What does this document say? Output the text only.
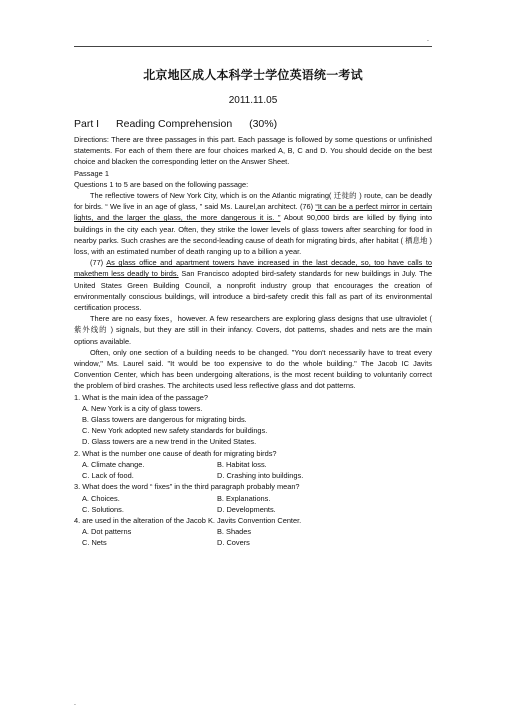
.
北京地区成人本科学士学位英语统一考试
2011.11.05
Part I Reading Comprehension (30%)

Directions: There are three passages in this part. Each passage is followed by some questions or unfinished statements. For each of them there are four choices marked A, B, C and D. You should decide on the best choice and blacken the corresponding letter on the Answer Sheet.

Passage 1

Questions 1 to 5 are based on the following passage:

The reflective towers of New York City, which is on the Atlantic migrating( 迁徙的 ) route, can be deadly for birds. “ We live in an age of glass, ” said Ms. Laurel,an architect. (76) “It can be a perfect mirror in certain lights, and the larger the glass, the more dangerous it is. ” About 90,000 birds are killed by flying into buildings in the city each year. Often, they strike the lower levels of glass towers after searching for food in nearby parks. Such crashes are the second-leading cause of death for migrating birds, after habitat ( 栖息地 ) loss, with an estimated number of death ranging up to a billion a year.

(77) As glass office and apartment towers have increased in the last decade, so, too have calls to makethem less deadly to birds. San Francisco adopted bird-safety standards for new buildings in July. The United States Green Building Council, a nonprofit industry group that encourages the creation of environmentally conscious buildings, will introduce a bird-safety credit this fall as part of its environmental certification process.

There are no easy fixes，however. A few researchers are exploring glass designs that use ultraviolet ( 紫外线的 ) signals, but they are still in their infancy. Covers, dot patterns, shades and nets are the main options available.

Often, only one section of a building needs to be changed. "You don't necessarily have to treat every window," Ms. Laurel said. "It would be too expensive to do the whole building." The Jacob IC Javits Convention Center, which has been undergoing alterations, is the most recent building to voluntarily correct the problem of bird crashes. The architects used less reflective glass and dot patterns.

1. What is the main idea of the passage?

A. New York is a city of glass towers.
B. Glass towers are dangerous for migrating birds.
C. New York adopted new safety standards for buildings.
D. Glass towers are a new trend in the United States.

2. What is the number one cause of death for migrating birds?

A. Climate change.	B. Habitat loss.
C. Lack of food.	D. Crashing into buildings.

3. What does the word “ fixes” in the third paragraph probably mean?

A. Choices.	B. Explanations.
C. Solutions.	D. Developments.

4. are used in the alteration of the Jacob K. Javits Convention Center.

A. Dot patterns	B. Shades
C. Nets	D. Covers
.
